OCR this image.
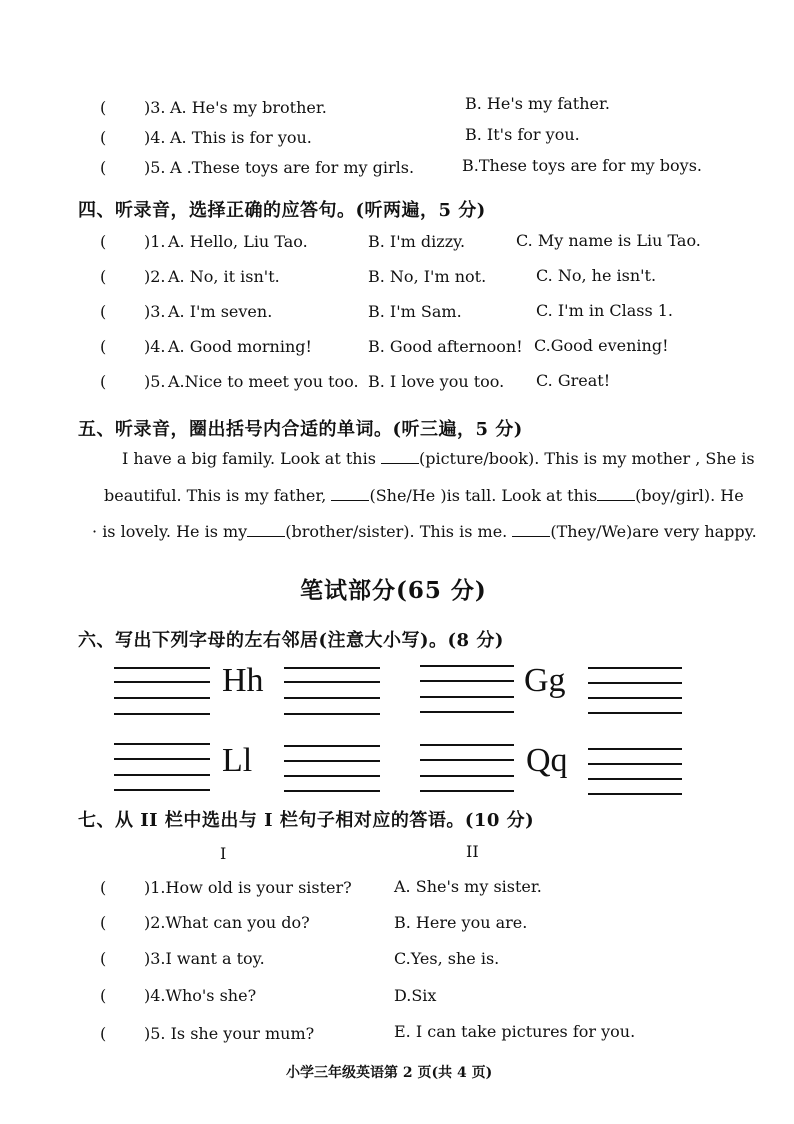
( )3. A. He's my brother.	B. He's my father.
( )4. A. This is for you.	B. It's for you.
( )5. A .These toys are for my girls.	B.These toys are for my boys.
四、听录音，选择正确的应答句。(听两遍，5 分)
( )1. A. Hello, Liu Tao.	B. I'm dizzy.	C. My name is Liu Tao.
( )2. A. No, it isn't.	B. No, I'm not.	C. No, he isn't.
( )3. A. I'm seven.	B. I'm Sam.	C. I'm in Class 1.
( )4. A. Good morning!	B. Good afternoon! C.Good evening!
( )5. A.Nice to meet you too. B. I love you too. C. Great!
五、听录音，圈出括号内合适的单词。(听三遍，5 分)
I have a big family. Look at this (picture/book). This is my mother , She is
beautiful. This is my father, (She/He )is tall. Look at this (boy/girl). He
· is lovely. He is my (brother/sister). This is me. (They/We)are very happy.
笔试部分(65 分)
六、写出下列字母的左右邻居(注意大小写)。(8 分)
Hh	Gg
Ll	Qq
七、从 II 栏中选出与 I 栏句子相对应的答语。(10 分)
I	II
( )1.How old is your sister?	A. She's my sister.
( )2.What can you do?	B. Here you are.
( )3.I want a toy.	C.Yes, she is.
( )4.Who's she?	D.Six
( )5. Is she your mum?	E. I can take pictures for you.
小学三年级英语第 2 页(共 4 页)
